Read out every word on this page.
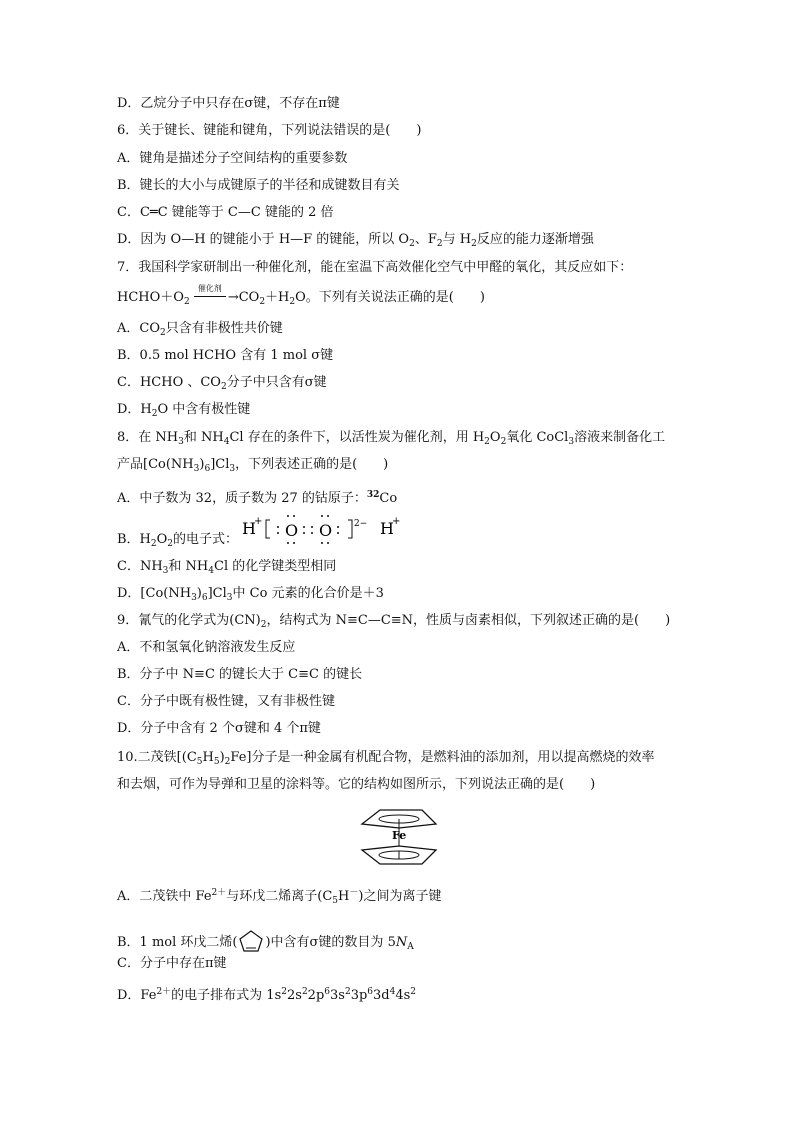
D．乙烷分子中只存在σ键，不存在π键
6．关于键长、键能和键角，下列说法错误的是(　　)
A．键角是描述分子空间结构的重要参数
B．键长的大小与成键原子的半径和成键数目有关
C．C═C 键能等于 C—C 键能的 2 倍
D．因为 O—H 的键能小于 H—F 的键能，所以 $O_2$、$F_2$与 $H_2$反应的能力逐渐增强
7．我国科学家研制出一种催化剂，能在室温下高效催化空气中甲醛的氧化，其反应如下：
$HCHO+O_2$
催化剂
$\to CO_2+H_2O$。下列有关说法正确的是(　　)
A．$CO_2$只含有非极性共价键
B．0.5 mol HCHO 含有 1 mol σ键
C．HCHO 、$CO_2$分子中只含有σ键
D．$H_2O$ 中含有极性键
8．在 $NH_3$和 $NH_4Cl$ 存在的条件下，以活性炭为催化剂，用 $H_2O_2$氧化 CoCl$_3$溶液来制备化工
产品$[Co(NH_3)_6]Cl_3$，下列表述正确的是(　　)
A．中子数为 32，质子数为 27 的钴原子：$^{32}$Co
B．$H_2O_2$的电子式：
H
+ O O 2− H
+
C．$NH_3$和 $NH_4Cl$ 的化学键类型相同
D．$[Co(NH_3)_6]Cl_3$中 Co 元素的化合价是＋3
9．氰气的化学式为$(CN)_2$，结构式为 N≡C—C≡N，性质与卤素相似，下列叙述正确的是(　　)
A．不和氢氧化钠溶液发生反应
B．分子中 N≡C 的键长大于 C≡C 的键长
C．分子中既有极性键，又有非极性键
D．分子中含有 2 个σ键和 4 个π键
10.二茂铁$[(C_5H_5)_2Fe]$分子是一种金属有机配合物，是燃料油的添加剂，用以提高燃烧的效率
和去烟，可作为导弹和卫星的涂料等。它的结构如图所示，下列说法正确的是(　　)
Fe
A．二茂铁中 $Fe^{2+}$与环戊二烯离子$(C_5H^-)$之间为离子键
B．1 mol 环戊二烯( )中含有σ键的数目为 $5N_A$
C．分子中存在π键
D．$Fe^{2+}$的电子排布式为 $1s^22s^22p^63s^23p^63d^44s^2$
